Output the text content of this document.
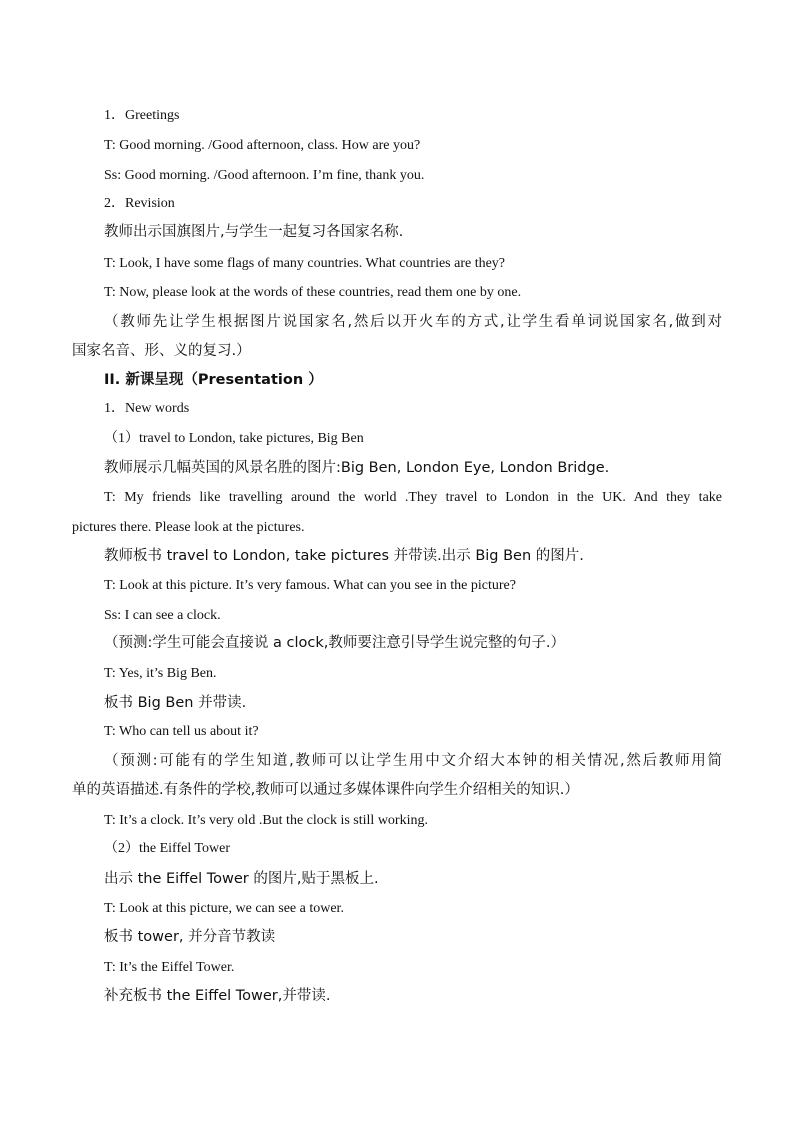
1．Greetings
T: Good morning. /Good afternoon, class. How are you?
Ss: Good morning. /Good afternoon. I’m fine, thank you.
2．Revision
教师出示国旗图片,与学生一起复习各国家名称.
T: Look, I have some flags of many countries. What countries are they?
T: Now, please look at the words of these countries, read them one by one.
（教师先让学生根据图片说国家名,然后以开火车的方式,让学生看单词说国家名,做到对
国家名音、形、义的复习.）
II. 新课呈现（Presentation ）
1．New words
（1）travel to London, take pictures, Big Ben
教师展示几幅英国的风景名胜的图片:Big Ben, London Eye, London Bridge.
T: My friends like travelling around the world .They travel to London in the UK. And they take
pictures there. Please look at the pictures.
教师板书 travel to London, take pictures 并带读.出示 Big Ben 的图片.
T: Look at this picture. It’s very famous. What can you see in the picture?
Ss: I can see a clock.
（预测:学生可能会直接说 a clock,教师要注意引导学生说完整的句子.）
T: Yes, it’s Big Ben.
板书 Big Ben 并带读.
T: Who can tell us about it?
（预测:可能有的学生知道,教师可以让学生用中文介绍大本钟的相关情况,然后教师用简
单的英语描述.有条件的学校,教师可以通过多媒体课件向学生介绍相关的知识.）
T: It’s a clock. It’s very old .But the clock is still working.
（2）the Eiffel Tower
出示 the Eiffel Tower 的图片,贴于黑板上.
T: Look at this picture, we can see a tower.
板书 tower, 并分音节教读
T: It’s the Eiffel Tower.
补充板书 the Eiffel Tower,并带读.
